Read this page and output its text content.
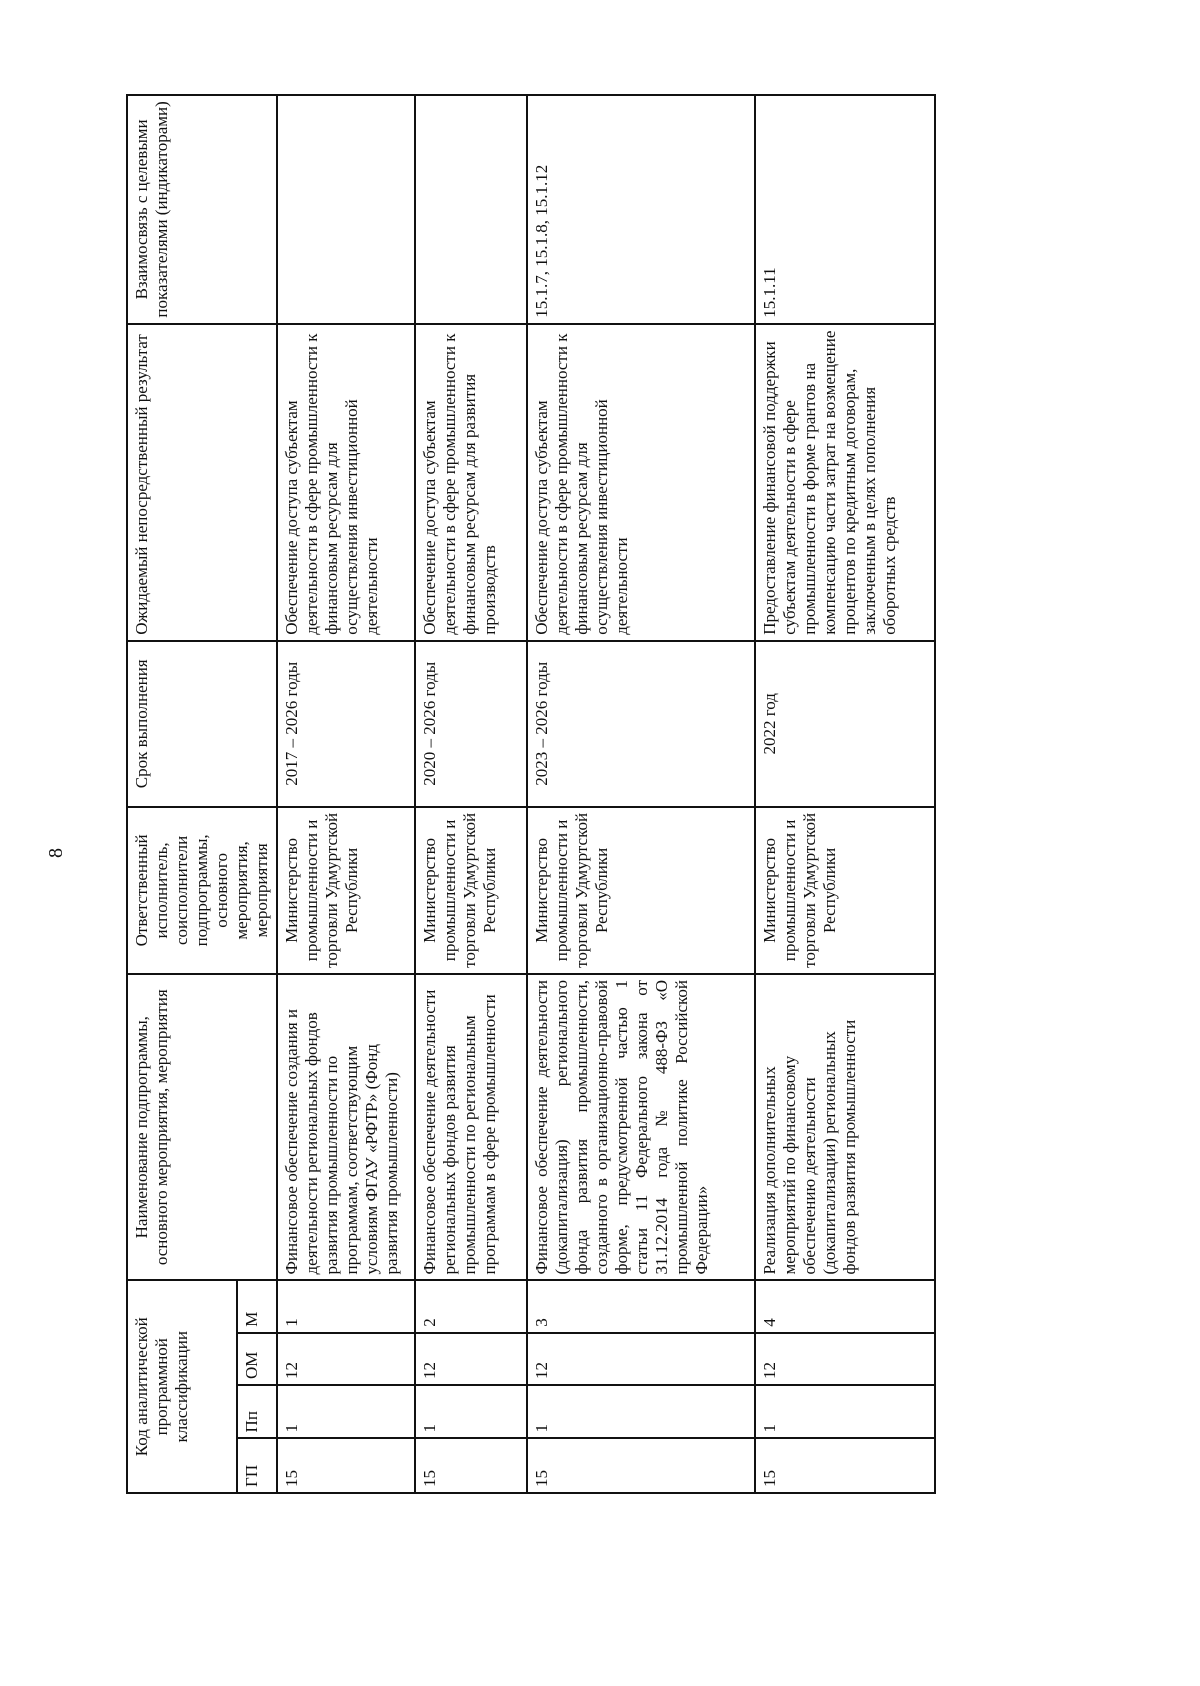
8
Код аналитической программной классификации				Наименование подпрограммы, основного мероприятия, мероприятия	Ответственный исполнитель, соисполнители подпрограммы, основного мероприятия, мероприятия	Срок выполнения	Ожидаемый непосредственный результат	Взаимосвязь с целевыми показателями (индикаторами)
ГП	Пп	ОМ	М					
15	1	12	1	Финансовое обеспечение создания и деятельности региональных фондов развития промышленности по программам, соответствующим условиям ФГАУ «РФТР» (Фонд развития промышленности)	Министерство промышленности и торговли Удмуртской Республики	2017 – 2026 годы	Обеспечение доступа субъектам деятельности в сфере промышленности к финансовым ресурсам для осуществления инвестиционной деятельности	
15	1	12	2	Финансовое обеспечение деятельности региональных фондов развития промышленности по региональным программам в сфере промышленности	Министерство промышленности и торговли Удмуртской Республики	2020 – 2026 годы	Обеспечение доступа субъектам деятельности в сфере промышленности к финансовым ресурсам для развития производств	
15	1	12	3	Финансовое обеспечение деятельности (докапитализация) регионального фонда развития промышленности, созданного в организационно-правовой форме, предусмотренной частью 1 статьи 11 Федерального закона от 31.12.2014 года № 488-ФЗ «О промышленной политике Российской Федерации»	Министерство промышленности и торговли Удмуртской Республики	2023 – 2026 годы	Обеспечение доступа субъектам деятельности в сфере промышленности к финансовым ресурсам для осуществления инвестиционной деятельности	15.1.7, 15.1.8, 15.1.12
15	1	12	4	Реализация дополнительных мероприятий по финансовому обеспечению деятельности (докапитализации) региональных фондов развития промышленности	Министерство промышленности и торговли Удмуртской Республики	2022 год	Предоставление финансовой поддержки субъектам деятельности в сфере промышленности в форме грантов на компенсацию части затрат на возмещение процентов по кредитным договорам, заключенным в целях пополнения оборотных средств	15.1.11
